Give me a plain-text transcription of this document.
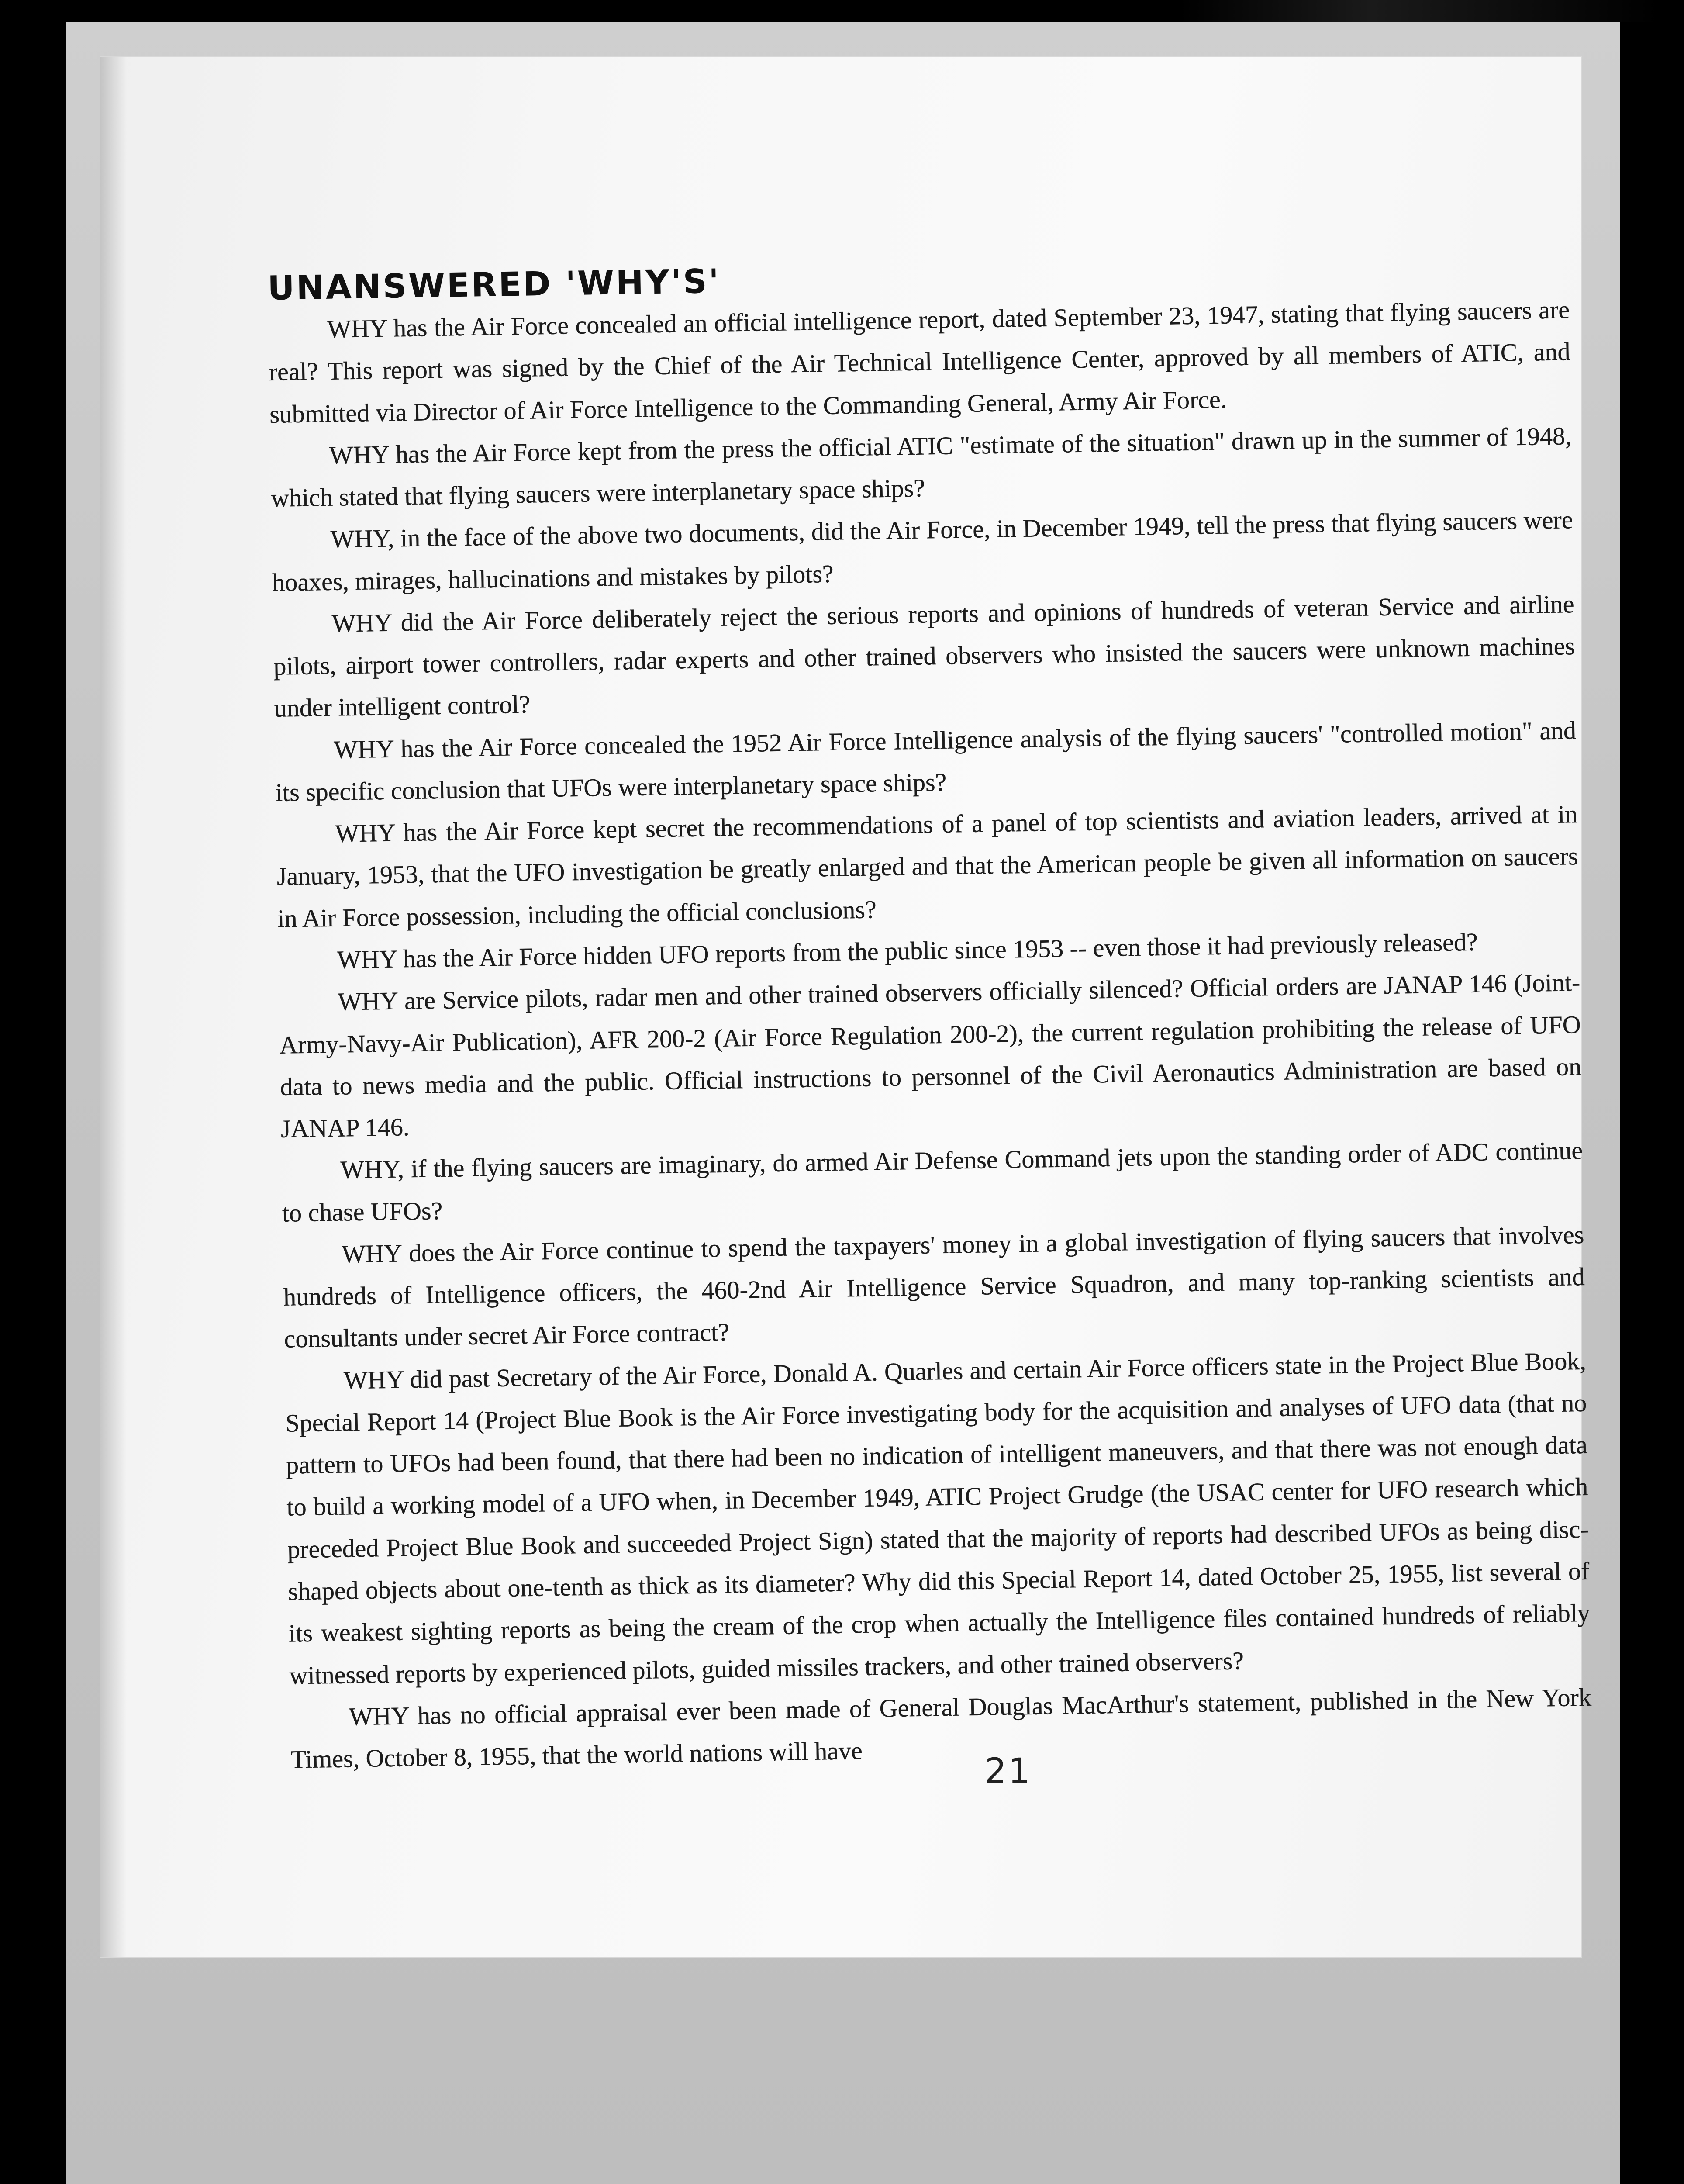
UNANSWERED 'WHY'S'

WHY has the Air Force concealed an official intelligence report, dated September 23, 1947, stating that flying saucers are real? This report was signed by the Chief of the Air Technical Intelligence Center, approved by all members of ATIC, and submitted via Director of Air Force Intelligence to the Commanding General, Army Air Force.

WHY has the Air Force kept from the press the official ATIC "estimate of the situation" drawn up in the summer of 1948, which stated that flying saucers were interplanetary space ships?

WHY, in the face of the above two documents, did the Air Force, in December 1949, tell the press that flying saucers were hoaxes, mirages, hallucinations and mistakes by pilots?

WHY did the Air Force deliberately reject the serious reports and opinions of hundreds of veteran Service and airline pilots, airport tower controllers, radar experts and other trained observers who insisted the saucers were unknown machines under intelligent control?

WHY has the Air Force concealed the 1952 Air Force Intelligence analysis of the flying saucers' "controlled motion" and its specific conclusion that UFOs were interplanetary space ships?

WHY has the Air Force kept secret the recommendations of a panel of top scientists and aviation leaders, arrived at in January, 1953, that the UFO investigation be greatly enlarged and that the American people be given all information on saucers in Air Force possession, including the official conclusions?

WHY has the Air Force hidden UFO reports from the public since 1953 -- even those it had previously released?

WHY are Service pilots, radar men and other trained observers officially silenced? Official orders are JANAP 146 (Joint-Army-Navy-Air Publication), AFR 200-2 (Air Force Regulation 200-2), the current regulation prohibiting the release of UFO data to news media and the public. Official instructions to personnel of the Civil Aeronautics Administration are based on JANAP 146.

WHY, if the flying saucers are imaginary, do armed Air Defense Command jets upon the standing order of ADC continue to chase UFOs?

WHY does the Air Force continue to spend the taxpayers' money in a global investigation of flying saucers that involves hundreds of Intelligence officers, the 460-2nd Air Intelligence Service Squadron, and many top-ranking scientists and consultants under secret Air Force contract?

WHY did past Secretary of the Air Force, Donald A. Quarles and certain Air Force officers state in the Project Blue Book, Special Report 14 (Project Blue Book is the Air Force investigating body for the acquisition and analyses of UFO data (that no pattern to UFOs had been found, that there had been no indication of intelligent maneuvers, and that there was not enough data to build a working model of a UFO when, in December 1949, ATIC Project Grudge (the USAC center for UFO research which preceded Project Blue Book and succeeded Project Sign) stated that the majority of reports had described UFOs as being disc-shaped objects about one-tenth as thick as its diameter? Why did this Special Report 14, dated October 25, 1955, list several of its weakest sighting reports as being the cream of the crop when actually the Intelligence files contained hundreds of reliably witnessed reports by experienced pilots, guided missiles trackers, and other trained observers?

WHY has no official appraisal ever been made of General Douglas MacArthur's statement, published in the New York Times, October 8, 1955, that the world nations will have	21
